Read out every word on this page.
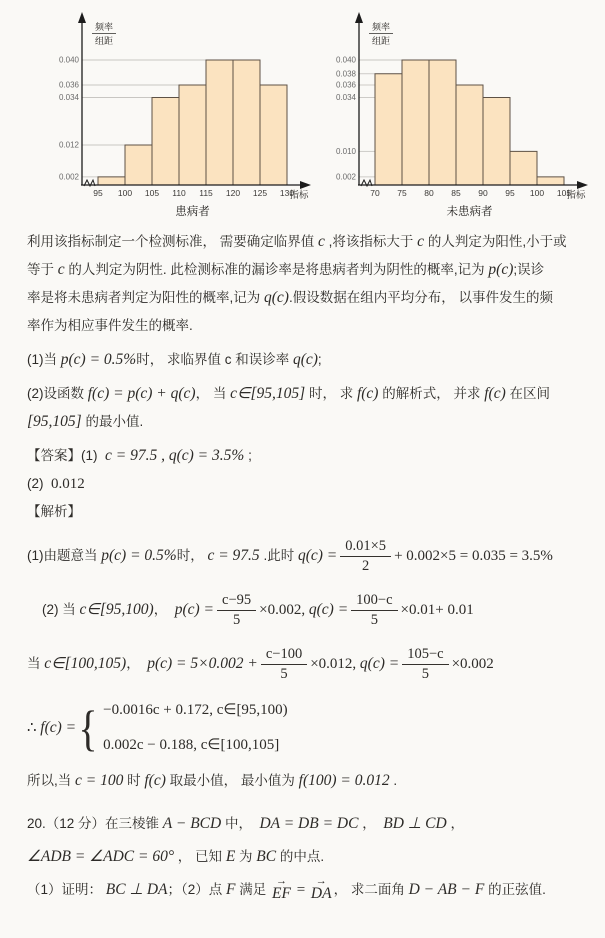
0.040
0.036
0.034
0.012
0.002
95 100 105 110 115 120 125 130
指标
频率
组距
患病者
0.040
0.038
0.036
0.034
0.010
0.002
70 75 80 85 90 95 100 105
指标
频率
组距
未患病者
利用该指标制定一个检测标准， 需要确定临界值 c ,将该指标大于 c 的人判定为阳性,小于或
等于 c 的人判定为阴性. 此检测标准的漏诊率是将患病者判为阴性的概率,记为 p(c) ;误诊
率是将未患病者判定为阳性的概率,记为 q(c) .假设数据在组内平均分布， 以事件发生的频
率作为相应事件发生的概率.
(1)当 p(c) = 0.5% 时， 求临界值 c 和误诊率 q(c) ;
(2)设函数 f(c) = p(c) + q(c) ， 当 c∈[95,105] 时， 求 f(c) 的解析式， 并求 f(c) 在区间
[95,105] 的最小值.
【答案】(1) c = 97.5 , q(c) = 3.5% ;
(2) 0.012
【解析】
(1)由题意当 p(c) = 0.5% 时， c = 97.5 .此时 $q(c) = \frac{0.01\times 5}{2} + 0.002\times 5 = 0.035 = 3.5\%$
(2) 当 c∈[95,100) ， $p(c) = \frac{c-95}{5} \times 0.002$, $q(c) = \frac{100-c}{5} \times 0.01+ 0.01$
当 c∈[100,105) ， $p(c) = 5\times 0.002 + \frac{c-100}{5} \times 0.012$, $q(c) = \frac{105-c}{5} \times 0.002$
∴ f(c) = { −0.0016c + 0.172, c∈[95,100)
0.002c − 0.188, c∈[100,105]
所以,当 c = 100 时 f(c) 取最小值， 最小值为 f(100) = 0.012 .
20.（12 分）在三棱锥 A − BCD 中， DA = DB = DC ， BD ⊥ CD ，
∠ADB = ∠ADC = 60° ， 已知 E 为 BC 的中点.
（1）证明： BC ⊥ DA ；（2）点 F 满足
→
EF =
→
DA ， 求二面角 D − AB − F 的正弦值.
